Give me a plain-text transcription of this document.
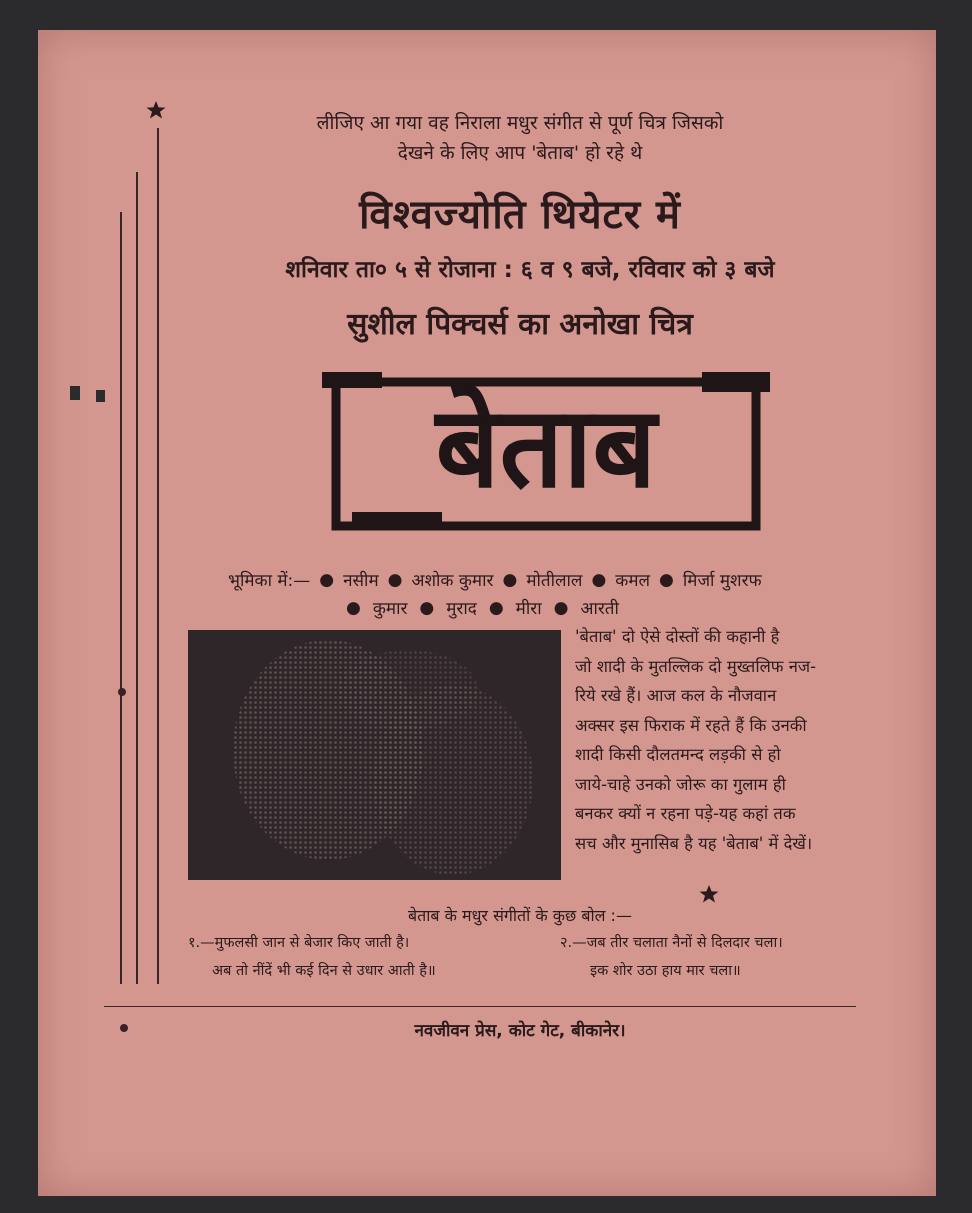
लीजिए आ गया वह निराला मधुर संगीत से पूर्ण चित्र जिसको
देखने के लिए आप 'बेताब' हो रहे थे
विश्वज्योति थियेटर में
शनिवार ता० ५ से रोजाना : ६ व ९ बजे, रविवार को ३ बजे
सुशील पिक्चर्स का अनोखा चित्र
बेताब
भूमिका में:— ● नसीम ● अशोक कुमार ● मोतीलाल ● कमल ● मिर्जा मुशरफ
● कुमार ● मुराद ● मीरा ● आरती

'बेताब' दो ऐसे दोस्तों की कहानी है

जो शादी के मुतल्लिक दो मुख्तलिफ नज-

रिये रखे हैं। आज कल के नौजवान

अक्सर इस फिराक में रहते हैं कि उनकी

शादी किसी दौलतमन्द लड़की से हो

जाये-चाहे उनको जोरू का गुलाम ही

बनकर क्यों न रहना पड़े-यह कहां तक

सच और मुनासिब है यह 'बेताब' में देखें।

बेताब के मधुर संगीतों के कुछ बोल :—
१.—मुफलसी जान से बेजार किए जाती है।
अब तो नींदें भी कई दिन से उधार आती है॥
२.—जब तीर चलाता नैनों से दिलदार चला।
इक शोर उठा हाय मार चला॥
नवजीवन प्रेस, कोट गेट, बीकानेर।
